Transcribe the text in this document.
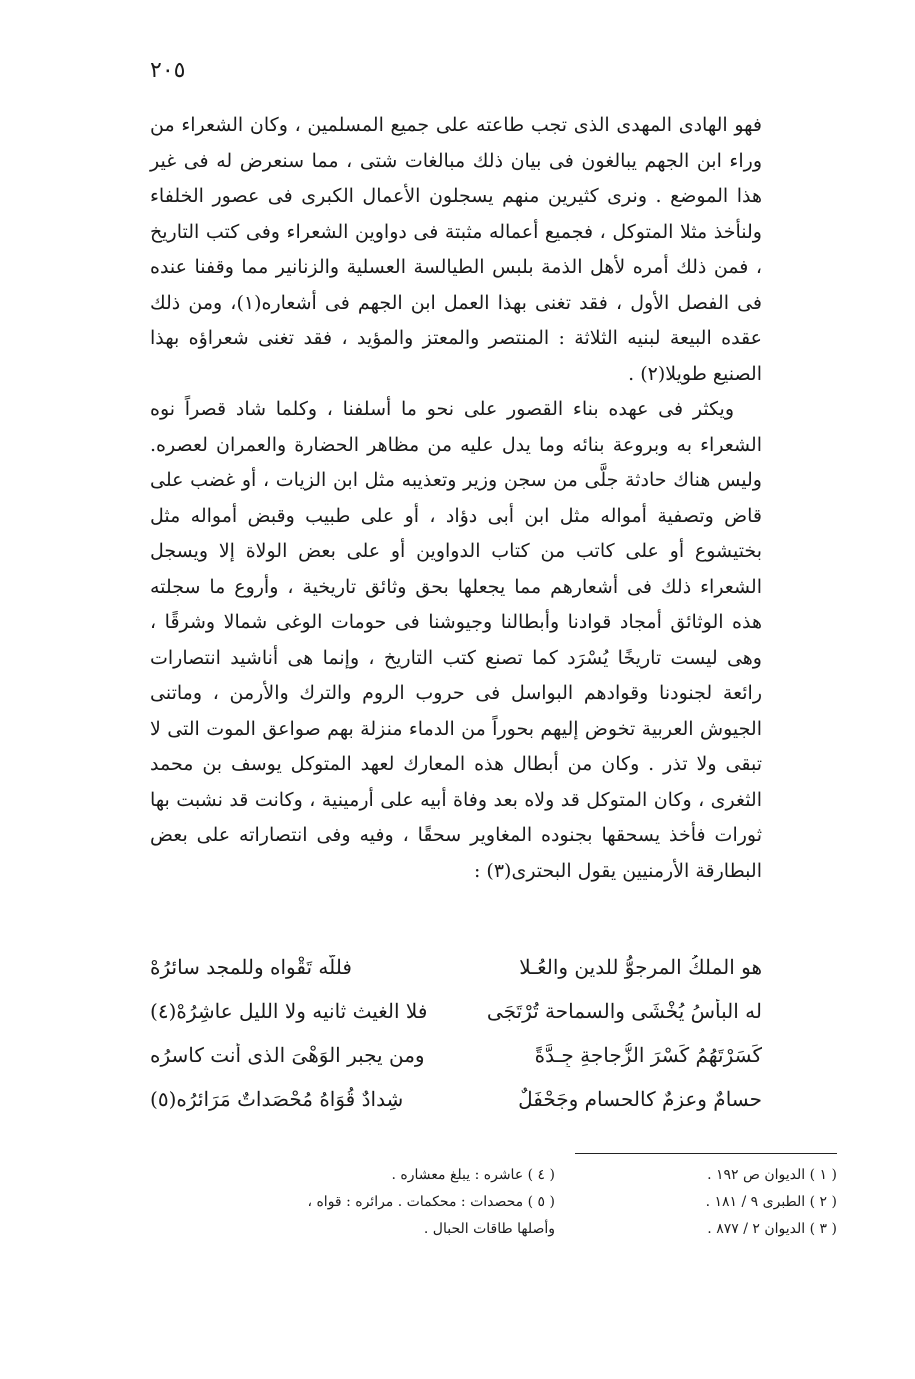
٢٠٥

فهو الهادى المهدى الذى تجب طاعته على جميع المسلمين ، وكان الشعراء من وراء ابن الجهم يبالغون فى بيان ذلك مبالغات شتى ، مما سنعرض له فى غير هذا الموضع . ونرى كثيرين منهم يسجلون الأعمال الكبرى فى عصور الخلفاء ولنأخذ مثلا المتوكل ، فجميع أعماله مثبتة فى دواوين الشعراء وفى كتب التاريخ ، فمن ذلك أمره لأهل الذمة بلبس الطيالسة العسلية والزنانير مما وقفنا عنده فى الفصل الأول ، فقد تغنى بهذا العمل ابن الجهم فى أشعاره(١)، ومن ذلك عقده البيعة لبنيه الثلاثة : المنتصر والمعتز والمؤيد ، فقد تغنى شعراؤه بهذا الصنيع طويلا(٢) .

ويكثر فى عهده بناء القصور على نحو ما أسلفنا ، وكلما شاد قصراً نوه الشعراء به وبروعة بنائه وما يدل عليه من مظاهر الحضارة والعمران لعصره. وليس هناك حادثة جلَّى من سجن وزير وتعذيبه مثل ابن الزيات ، أو غضب على قاض وتصفية أمواله مثل ابن أبى دؤاد ، أو على طبيب وقبض أمواله مثل بختيشوع أو على كاتب من كتاب الدواوين أو على بعض الولاة إلا ويسجل الشعراء ذلك فى أشعارهم مما يجعلها بحق وثائق تاريخية ، وأروع ما سجلته هذه الوثائق أمجاد قوادنا وأبطالنا وجيوشنا فى حومات الوغى شمالا وشرقًا ، وهى ليست تاريخًا يُسْرَد كما تصنع كتب التاريخ ، وإنما هى أناشيد انتصارات رائعة لجنودنا وقوادهم البواسل فى حروب الروم والترك والأرمن ، وماتنى الجيوش العربية تخوض إليهم بحوراً من الدماء منزلة بهم صواعق الموت التى لا تبقى ولا تذر . وكان من أبطال هذه المعارك لعهد المتوكل يوسف بن محمد الثغرى ، وكان المتوكل قد ولاه بعد وفاة أبيه على أرمينية ، وكانت قد نشبت بها ثورات فأخذ يسحقها بجنوده المغاوير سحقًا ، وفيه وفى انتصاراته على بعض البطارقة الأرمنيين يقول البحترى(٣) :

هو الملكُ المرجوُّ للدين والعُـلا
فللَّه تَقْواه وللمجد سائرُهْ
له البأْسُ يُخْشَى والسماحة تُرْتَجَى
فلا الغيث ثانيه ولا الليل عاشِرُهْ(٤)
كَسَرْتَهُمُ كَسْرَ الزُّجاجةِ جِـدَّةً
ومن يجبر الوَهْىَ الذى أنت كاسرُه
حسامٌ وعزمٌ كالحسام وجَحْفَلٌ
شِدادٌ قُوَاهُ مُحْصَداتٌ مَرَائرُه(٥)
( ١ ) الديوان ص ١٩٢ .
( ٢ ) الطبرى ٩ / ١٨١ .
( ٣ ) الديوان ٢ / ٨٧٧ .
( ٤ ) عاشره : يبلغ معشاره .
( ٥ ) محصدات : محكمات . مرائره : قواه ،
وأصلها طاقات الحبال .
